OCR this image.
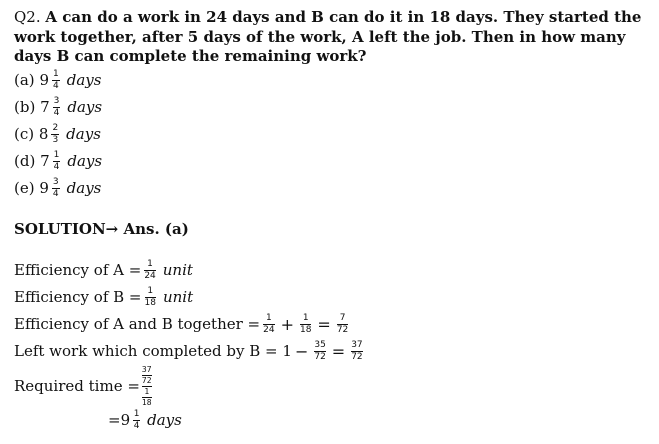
Q2. A can do a work in 24 days and B can do it in 18 days. They started the work together, after 5 days of the work, A left the job. Then in how many days B can complete the remaining work?
(a)
$9 \frac{1}{4}$ days
(b)
$7 \frac{3}{4}$ days
(c)
$8 \frac{2}{3}$ days
(d)
$7 \frac{1}{4}$ days
(e)
$9 \frac{3}{4}$ days
SOLUTION→ Ans. (a)
Efficiency of $A = \frac{1}{24}$ unit
Efficiency of $B = \frac{1}{18}$ unit
Efficiency of A and B together = $\frac{1}{24} + \frac{1}{18} = \frac{7}{72}$
Left work which completed by $B = 1 - \frac{35}{72} = \frac{37}{72}$
Required time =
37
72
1
18
= $9 \frac{1}{4}$ days
